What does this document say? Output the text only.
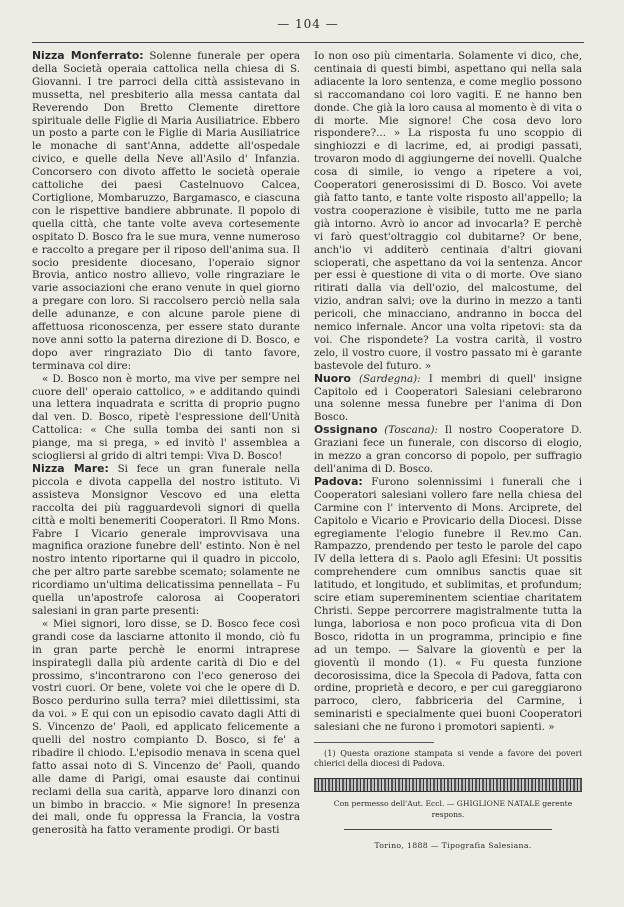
— 104 —

Nizza Monferrato: Solenne funerale per opera della Società operaia cattolica nella chiesa di S. Giovanni. I tre parroci della città assistevano in mussetta, nel presbiterio alla messa cantata dal Reverendo Don Bretto Clemente direttore spirituale delle Figlie di Maria Ausiliatrice. Ebbero un posto a parte con le Figlie di Maria Ausiliatrice le monache di sant'Anna, addette all'ospedale civico, e quelle della Neve all'Asilo d' Infanzia. Concorsero con divoto affetto le società operaie cattoliche dei paesi Castelnuovo Calcea, Cortiglione, Mombaruzzo, Bargamasco, e ciascuna con le rispettive bandiere abbrunate. Il popolo di quella città, che tante volte aveva cortesemente ospitato D. Bosco fra le sue mura, venne numeroso e raccolto a pregare per il riposo dell'anima sua. Il socio presidente diocesano, l'operaio signor Brovia, antico nostro allievo, volle ringraziare le varie associazioni che erano venute in quel giorno a pregare con loro. Si raccolsero perciò nella sala delle adunanze, e con alcune parole piene di affettuosa riconoscenza, per essere stato durante nove anni sotto la paterna direzione di D. Bosco, e dopo aver ringraziato Dio di tanto favore, terminava col dire:

« D. Bosco non è morto, ma vive per sempre nel cuore dell' operaio cattolico, » e additando quindi una lettera inquadrata e scritta di proprio pugno dal ven. D. Bosco, ripetè l'espressione dell'Unità Cattolica: « Che sulla tomba dei santi non si piange, ma si prega, » ed invitò l' assemblea a sciogliersi al grido di altri tempi: Viva D. Bosco!

Nizza Mare: Si fece un gran funerale nella piccola e divota cappella del nostro istituto. Vi assisteva Monsignor Vescovo ed una eletta raccolta dei più ragguardevoli signori di quella città e molti benemeriti Cooperatori. Il Rmo Mons. Fabre I Vicario generale improvvisava una magnifica orazione funebre dell' estinto. Non è nel nostro intento riportarne qui il quadro in piccolo, che per altro parte sarebbe scemato; solamente ne ricordiamo un'ultima delicatissima pennellata – Fu quella un'apostrofe calorosa ai Cooperatori salesiani in gran parte presenti:

« Miei signori, loro disse, se D. Bosco fece così grandi cose da lasciarne attonito il mondo, ciò fu in gran parte perchè le enormi intraprese inspirategli dalla più ardente carità di Dio e del prossimo, s'incontrarono con l'eco generoso dei vostri cuori. Or bene, volete voi che le opere di D. Bosco perdurino sulla terra? miei dilettissimi, sta da voi. » E qui con un episodio cavato dagli Atti di S. Vincenzo de' Paoli, ed applicato felicemente a quelli del nostro compianto D. Bosco, si fe' a ribadire il chiodo. L'episodio menava in scena quel fatto assai noto di S. Vincenzo de' Paoli, quando alle dame di Parigi, omai esauste dai continui reclami della sua carità, apparve loro dinanzi con un bimbo in braccio. « Mie signore! In presenza dei mali, onde fu oppressa la Francia, la vostra generosità ha fatto veramente prodigi. Or basti

Io non oso più cimentarla. Solamente vi dico, che, centinaia di questi bimbi, aspettano qui nella sala adiacente la loro sentenza, e come meglio possono si raccomandano coi loro vagiti. E ne hanno ben donde. Che già la loro causa al momento è di vita o di morte. Mie signore! Che cosa devo loro rispondere?... » La risposta fu uno scoppio di singhiozzi e di lacrime, ed, ai prodigi passati, trovaron modo di aggiungerne dei novelli. Qualche cosa di simile, io vengo a ripetere a voi, Cooperatori generosissimi di D. Bosco. Voi avete già fatto tanto, e tante volte risposto all'appello; la vostra cooperazione è visibile, tutto me ne parla già intorno. Avrò io ancor ad invocarla? E perchè vi farò quest'oltraggio col dubitarne? Or bene, anch'io vi additerò centinaia d'altri giovani scioperati, che aspettano da voi la sentenza. Ancor per essi è questione di vita o di morte. Ove siano ritirati dalla via dell'ozio, del malcostume, del vizio, andran salvi; ove la durino in mezzo a tanti pericoli, che minacciano, andranno in bocca del nemico infernale. Ancor una volta ripetovi: sta da voi. Che rispondete? La vostra carità, il vostro zelo, il vostro cuore, il vostro passato mi è garante bastevole del futuro. »

Nuoro (Sardegna): I membri di quell' insigne Capitolo ed i Cooperatori Salesiani celebrarono una solenne messa funebre per l'anima di Don Bosco.

Ossignano (Toscana): Il nostro Cooperatore D. Graziani fece un funerale, con discorso di elogio, in mezzo a gran concorso di popolo, per suffragio dell'anima di D. Bosco.

Padova: Furono solennissimi i funerali che i Cooperatori salesiani vollero fare nella chiesa del Carmine con l' intervento di Mons. Arciprete, del Capitolo e Vicario e Provicario della Diocesi. Disse egregiamente l'elogio funebre il Rev.mo Can. Rampazzo, prendendo per testo le parole del capo IV della lettera di s. Paolo agli Efesini: Ut possitis comprehendere cum omnibus sanctis quae sit latitudo, et longitudo, et sublimitas, et profundum; scire etiam supereminentem scientiae charitatem Christi. Seppe percorrere magistralmente tutta la lunga, laboriosa e non poco proficua vita di Don Bosco, ridotta in un programma, principio e fine ad un tempo. — Salvare la gioventù e per la gioventù il mondo (1). « Fu questa funzione decorosissima, dice la Specola di Padova, fatta con ordine, proprietà e decoro, e per cui gareggiarono parroco, clero, fabbriceria del Carmine, i seminaristi e specialmente quei buoni Cooperatori salesiani che ne furono i promotori sapienti. »

(1) Questa orazione stampata si vende a favore dei poveri chierici della diocesi di Padova.

Con permesso dell'Aut. Eccl. — GHIGLIONE NATALE gerente respons.

Torino, 1888 — Tipografia Salesiana.
